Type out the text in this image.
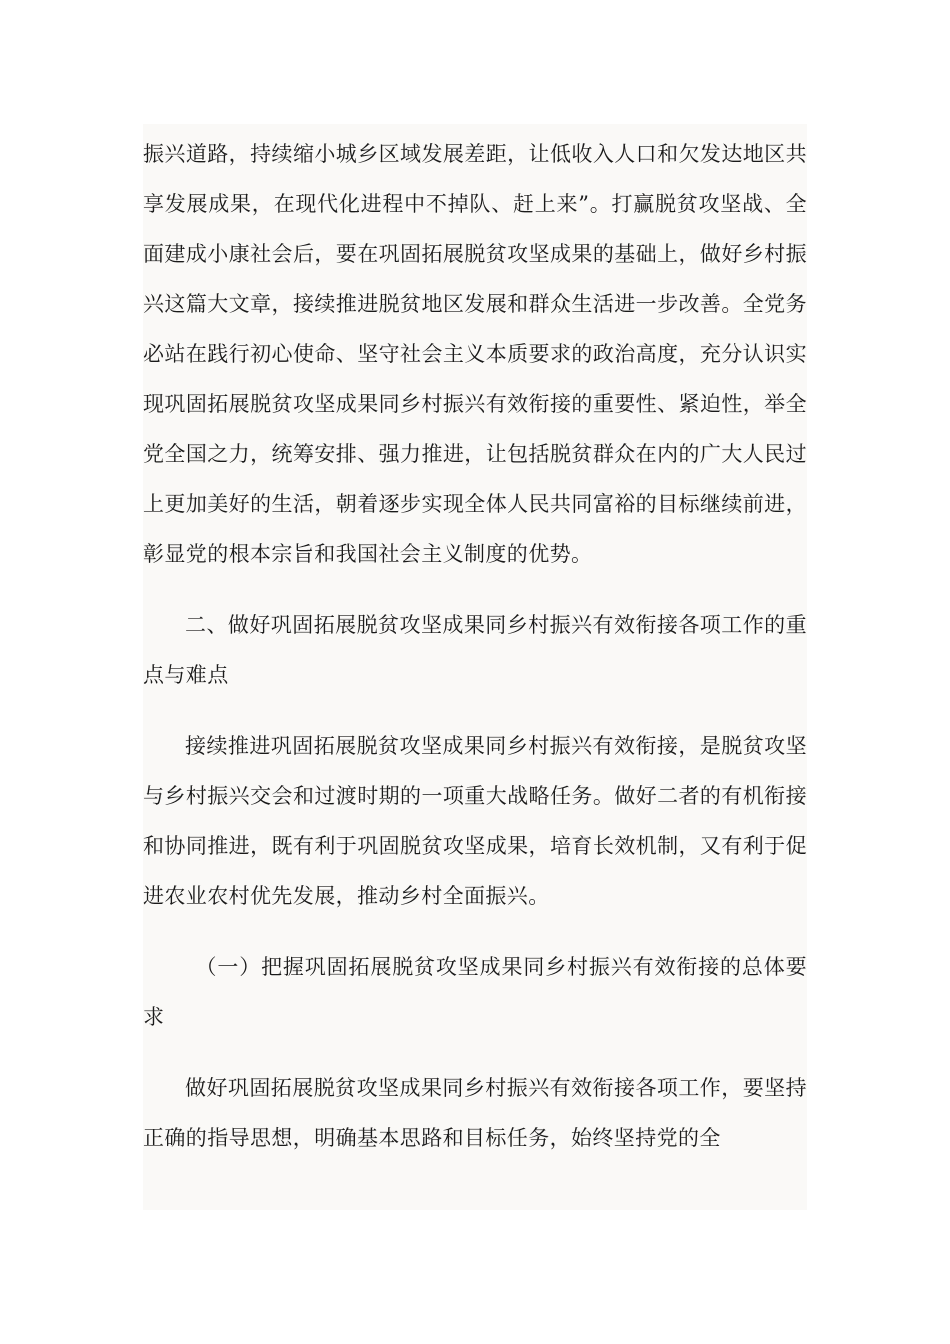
振兴道路，持续缩小城乡区域发展差距，让低收入人口和欠发达地区共享发展成果，在现代化进程中不掉队、赶上来”。打赢脱贫攻坚战、全面建成小康社会后，要在巩固拓展脱贫攻坚成果的基础上，做好乡村振兴这篇大文章，接续推进脱贫地区发展和群众生活进一步改善。全党务必站在践行初心使命、坚守社会主义本质要求的政治高度，充分认识实现巩固拓展脱贫攻坚成果同乡村振兴有效衔接的重要性、紧迫性，举全党全国之力，统筹安排、强力推进，让包括脱贫群众在内的广大人民过上更加美好的生活，朝着逐步实现全体人民共同富裕的目标继续前进，彰显党的根本宗旨和我国社会主义制度的优势。

二、做好巩固拓展脱贫攻坚成果同乡村振兴有效衔接各项工作的重点与难点

接续推进巩固拓展脱贫攻坚成果同乡村振兴有效衔接，是脱贫攻坚与乡村振兴交会和过渡时期的一项重大战略任务。做好二者的有机衔接和协同推进，既有利于巩固脱贫攻坚成果，培育长效机制，又有利于促进农业农村优先发展，推动乡村全面振兴。

（一）把握巩固拓展脱贫攻坚成果同乡村振兴有效衔接的总体要求

做好巩固拓展脱贫攻坚成果同乡村振兴有效衔接各项工作，要坚持正确的指导思想，明确基本思路和目标任务，始终坚持党的全
